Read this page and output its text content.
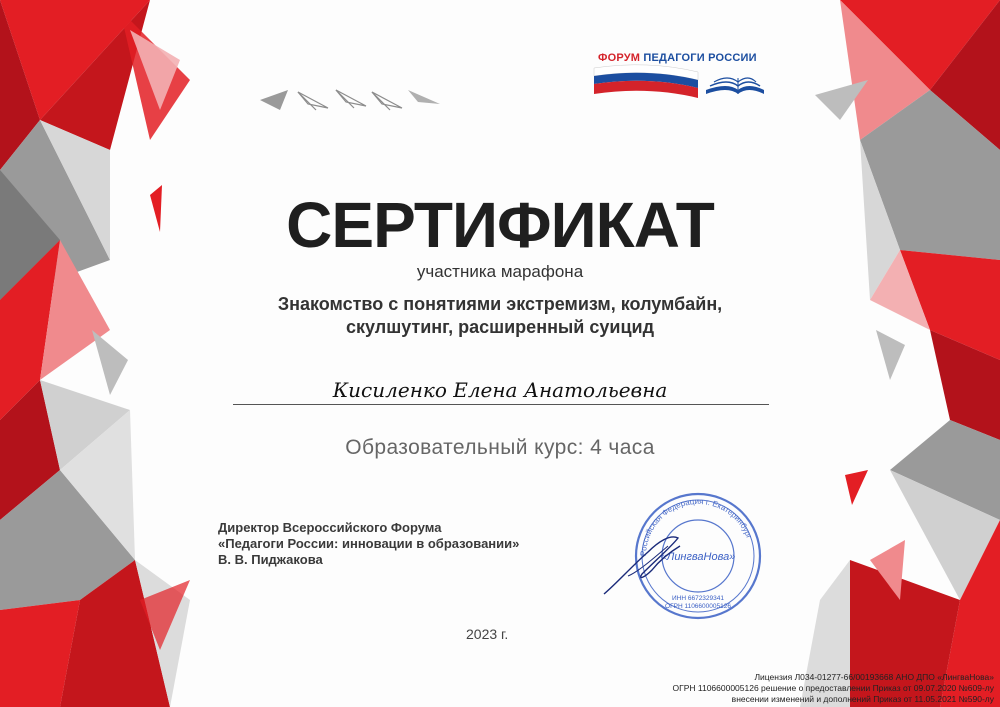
ФОРУМ ПЕДАГОГИ РОССИИ
СЕРТИФИКАТ
участника марафона
Знакомство с понятиями экстремизм, колумбайн,
скулшутинг, расширенный суицид
Кисиленко Елена Анатольевна
Образовательный курс: 4 часа
Директор Всероссийского Форума
«Педагоги России: инновации в образовании»
В. В. Пиджакова	Российская Федерация г. Екатеринбург
«ЛингваНова»
ИНН 6672329341
ОГРН 1106600005126
2023 г.
Лицензия Л034-01277-66/00193668 АНО ДПО «ЛингваНова»
ОГРН 1106600005126 решение о предоставлении Приказ от 09.07.2020 №609-лу
внесении изменений и дополнений Приказ от 11.05.2021 №590-лу
